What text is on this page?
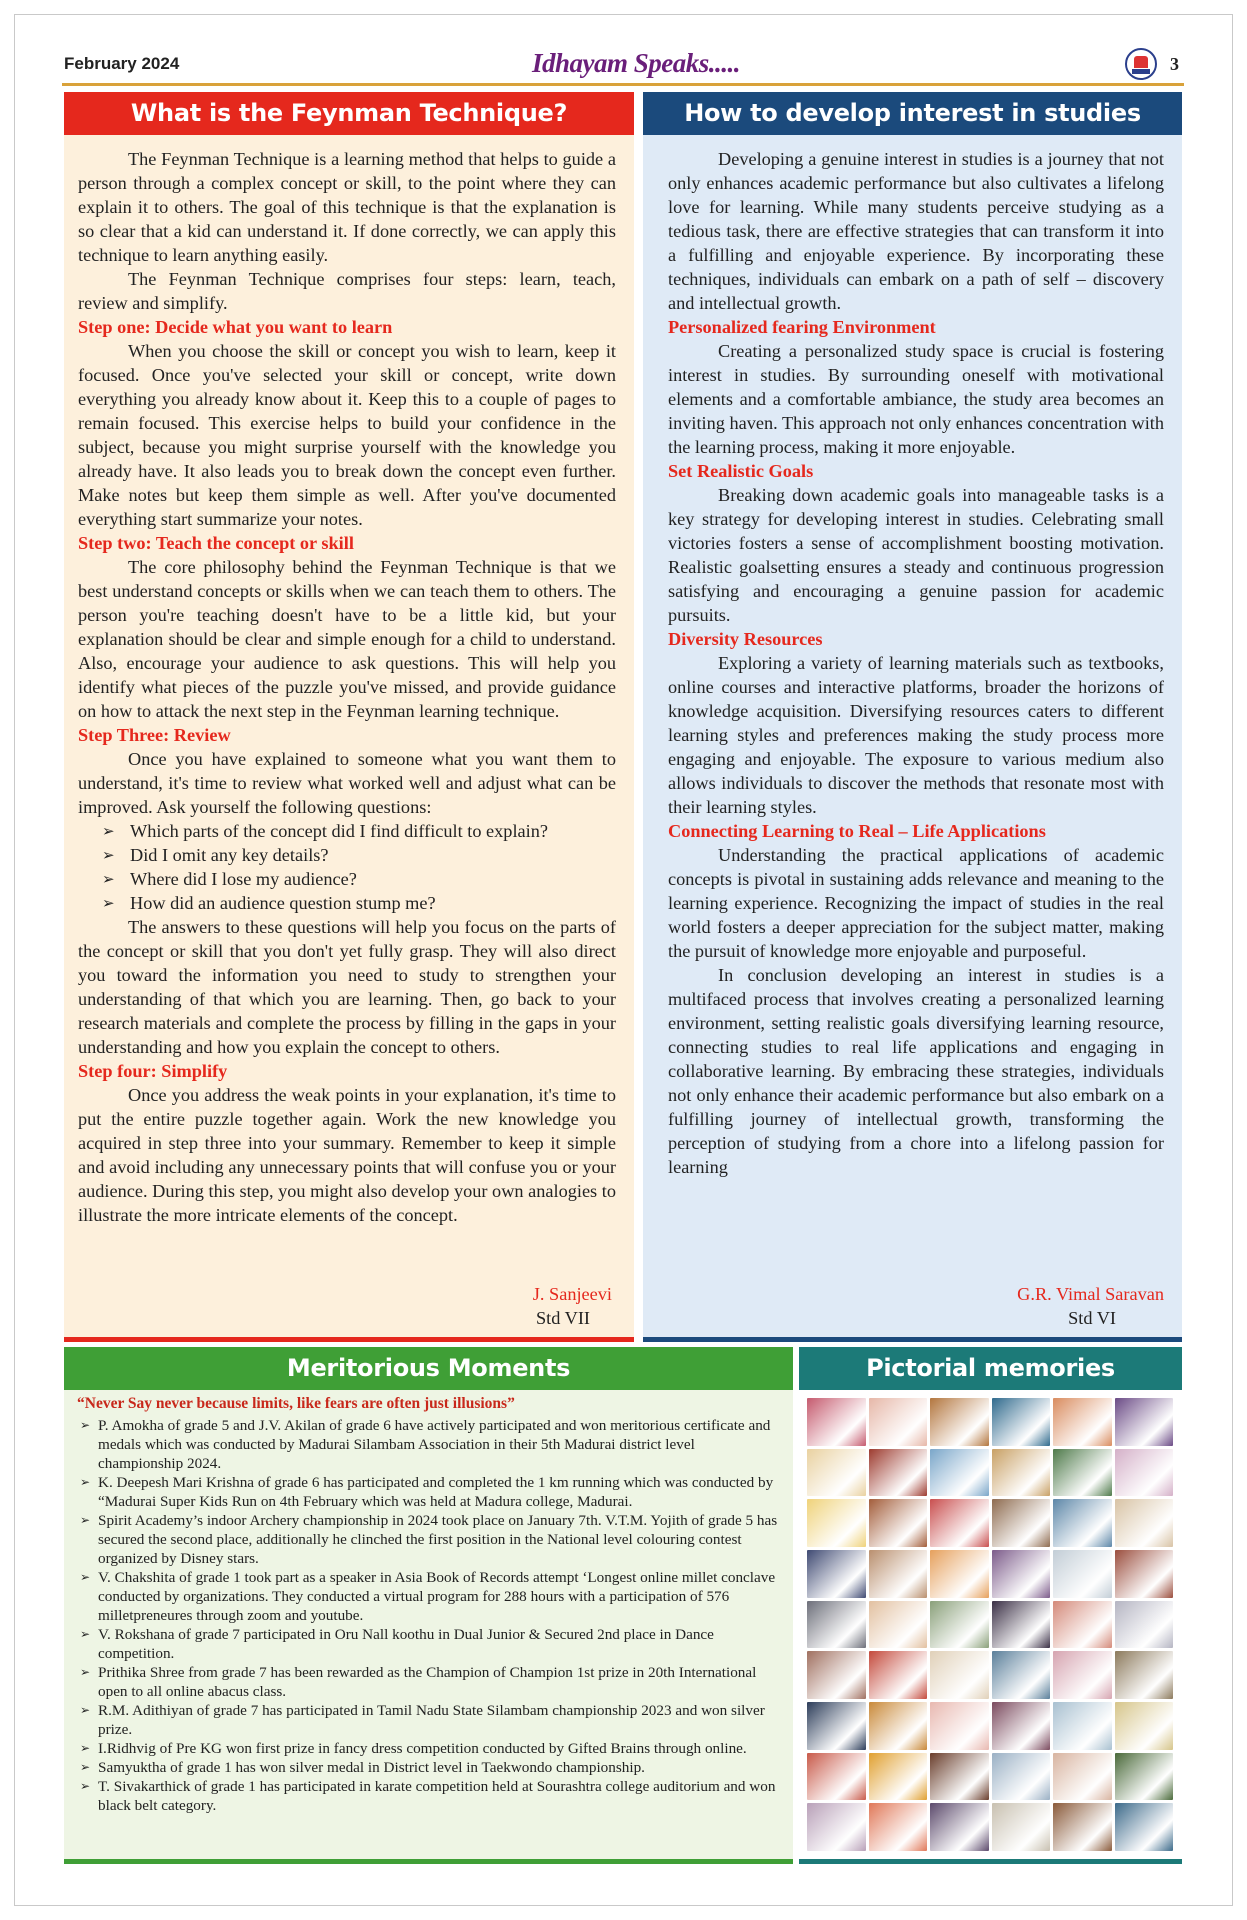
February 2024	Idhayam Speaks.....	3
What is the Feynman Technique?
The Feynman Technique is a learning method that helps to guide a person through a complex concept or skill, to the point where they can explain it to others. The goal of this technique is that the explanation is so clear that a kid can understand it. If done correctly, we can apply this technique to learn anything easily.
The Feynman Technique comprises four steps: learn, teach, review and simplify.
Step one: Decide what you want to learn
When you choose the skill or concept you wish to learn, keep it focused. Once you've selected your skill or concept, write down everything you already know about it. Keep this to a couple of pages to remain focused. This exercise helps to build your confidence in the subject, because you might surprise yourself with the knowledge you already have. It also leads you to break down the concept even further. Make notes but keep them simple as well. After you've documented everything start summarize your notes.
Step two: Teach the concept or skill
The core philosophy behind the Feynman Technique is that we best understand concepts or skills when we can teach them to others. The person you're teaching doesn't have to be a little kid, but your explanation should be clear and simple enough for a child to understand. Also, encourage your audience to ask questions. This will help you identify what pieces of the puzzle you've missed, and provide guidance on how to attack the next step in the Feynman learning technique.
Step Three: Review
Once you have explained to someone what you want them to understand, it's time to review what worked well and adjust what can be improved. Ask yourself the following questions:
➢ Which parts of the concept did I find difficult to explain?
➢ Did I omit any key details?
➢ Where did I lose my audience?
➢ How did an audience question stump me?
The answers to these questions will help you focus on the parts of the concept or skill that you don't yet fully grasp. They will also direct you toward the information you need to study to strengthen your understanding of that which you are learning. Then, go back to your research materials and complete the process by filling in the gaps in your understanding and how you explain the concept to others.
Step four: Simplify
Once you address the weak points in your explanation, it's time to put the entire puzzle together again. Work the new knowledge you acquired in step three into your summary. Remember to keep it simple and avoid including any unnecessary points that will confuse you or your audience. During this step, you might also develop your own analogies to illustrate the more intricate elements of the concept.
J. Sanjeevi
Std VII
How to develop interest in studies
Developing a genuine interest in studies is a journey that not only enhances academic performance but also cultivates a lifelong love for learning. While many students perceive studying as a tedious task, there are effective strategies that can transform it into a fulfilling and enjoyable experience. By incorporating these techniques, individuals can embark on a path of self – discovery and intellectual growth.
Personalized fearing Environment
Creating a personalized study space is crucial is fostering interest in studies. By surrounding oneself with motivational elements and a comfortable ambiance, the study area becomes an inviting haven. This approach not only enhances concentration with the learning process, making it more enjoyable.
Set Realistic Goals
Breaking down academic goals into manageable tasks is a key strategy for developing interest in studies. Celebrating small victories fosters a sense of accomplishment boosting motivation. Realistic goalsetting ensures a steady and continuous progression satisfying and encouraging a genuine passion for academic pursuits.
Diversity Resources
Exploring a variety of learning materials such as textbooks, online courses and interactive platforms, broader the horizons of knowledge acquisition. Diversifying resources caters to different learning styles and preferences making the study process more engaging and enjoyable. The exposure to various medium also allows individuals to discover the methods that resonate most with their learning styles.
Connecting Learning to Real – Life Applications
Understanding the practical applications of academic concepts is pivotal in sustaining adds relevance and meaning to the learning experience. Recognizing the impact of studies in the real world fosters a deeper appreciation for the subject matter, making the pursuit of knowledge more enjoyable and purposeful.
In conclusion developing an interest in studies is a multifaced process that involves creating a personalized learning environment, setting realistic goals diversifying learning resource, connecting studies to real life applications and engaging in collaborative learning. By embracing these strategies, individuals not only enhance their academic performance but also embark on a fulfilling journey of intellectual growth, transforming the perception of studying from a chore into a lifelong passion for learning
G.R. Vimal Saravan
Std VI
Meritorious Moments
“Never Say never because limits, like fears are often just illusions”
➢ P. Amokha of grade 5 and J.V. Akilan of grade 6 have actively participated and won meritorious certificate and medals which was conducted by Madurai Silambam Association in their 5th Madurai district level championship 2024.
➢ K. Deepesh Mari Krishna of grade 6 has participated and completed the 1 km running which was conducted by “Madurai Super Kids Run on 4th February which was held at Madura college, Madurai.
➢ Spirit Academy’s indoor Archery championship in 2024 took place on January 7th. V.T.M. Yojith of grade 5 has secured the second place, additionally he clinched the first position in the National level colouring contest organized by Disney stars.
➢ V. Chakshita of grade 1 took part as a speaker in Asia Book of Records attempt ‘Longest online millet conclave conducted by organizations. They conducted a virtual program for 288 hours with a participation of 576 milletpreneures through zoom and youtube.
➢ V. Rokshana of grade 7 participated in Oru Nall koothu in Dual Junior & Secured 2nd place in Dance competition.
➢ Prithika Shree from grade 7 has been rewarded as the Champion of Champion 1st prize in 20th International open to all online abacus class.
➢ R.M. Adithiyan of grade 7 has participated in Tamil Nadu State Silambam championship 2023 and won silver prize.
➢ I.Ridhvig of Pre KG won first prize in fancy dress competition conducted by Gifted Brains through online.
➢ Samyuktha of grade 1 has won silver medal in District level in Taekwondo championship.
➢ T. Sivakarthick of grade 1 has participated in karate competition held at Sourashtra college auditorium and won black belt category.
Pictorial memories
